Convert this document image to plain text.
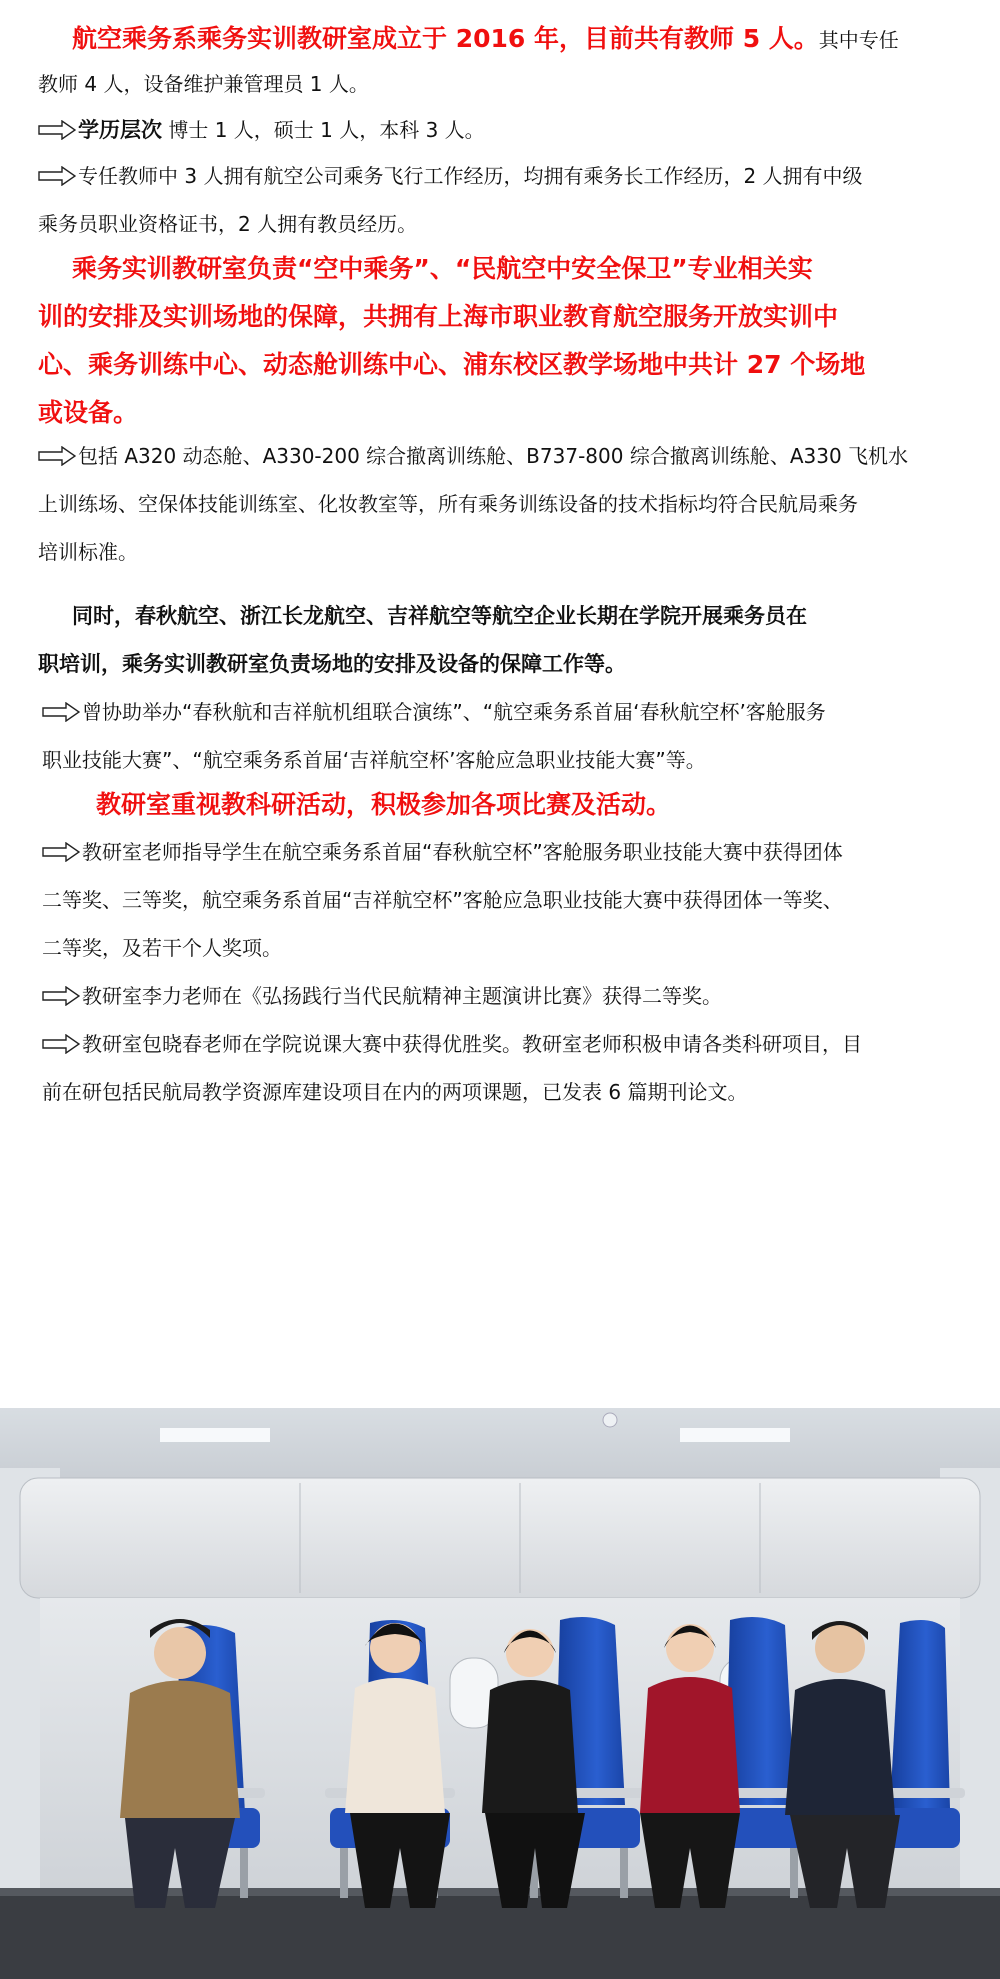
航空乘务系乘务实训教研室成立于 2016 年，目前共有教师 5 人。其中专任
教师 4 人，设备维护兼管理员 1 人。
学历层次 博士 1 人，硕士 1 人，本科 3 人。
专任教师中 3 人拥有航空公司乘务飞行工作经历，均拥有乘务长工作经历，2 人拥有中级
乘务员职业资格证书，2 人拥有教员经历。
乘务实训教研室负责“空中乘务”、“民航空中安全保卫”专业相关实
训的安排及实训场地的保障，共拥有上海市职业教育航空服务开放实训中
心、乘务训练中心、动态舱训练中心、浦东校区教学场地中共计 27 个场地
或设备。
包括 A320 动态舱、A330-200 综合撤离训练舱、B737-800 综合撤离训练舱、A330 飞机水
上训练场、空保体技能训练室、化妆教室等，所有乘务训练设备的技术指标均符合民航局乘务
培训标准。
同时，春秋航空、浙江长龙航空、吉祥航空等航空企业长期在学院开展乘务员在
职培训，乘务实训教研室负责场地的安排及设备的保障工作等。
曾协助举办“春秋航和吉祥航机组联合演练”、“航空乘务系首届‘春秋航空杯’客舱服务
职业技能大赛”、“航空乘务系首届‘吉祥航空杯’客舱应急职业技能大赛”等。
教研室重视教科研活动，积极参加各项比赛及活动。
教研室老师指导学生在航空乘务系首届“春秋航空杯”客舱服务职业技能大赛中获得团体
二等奖、三等奖，航空乘务系首届“吉祥航空杯”客舱应急职业技能大赛中获得团体一等奖、
二等奖，及若干个人奖项。
教研室李力老师在《弘扬践行当代民航精神主题演讲比赛》获得二等奖。
教研室包晓春老师在学院说课大赛中获得优胜奖。教研室老师积极申请各类科研项目，目
前在研包括民航局教学资源库建设项目在内的两项课题，已发表 6 篇期刊论文。
